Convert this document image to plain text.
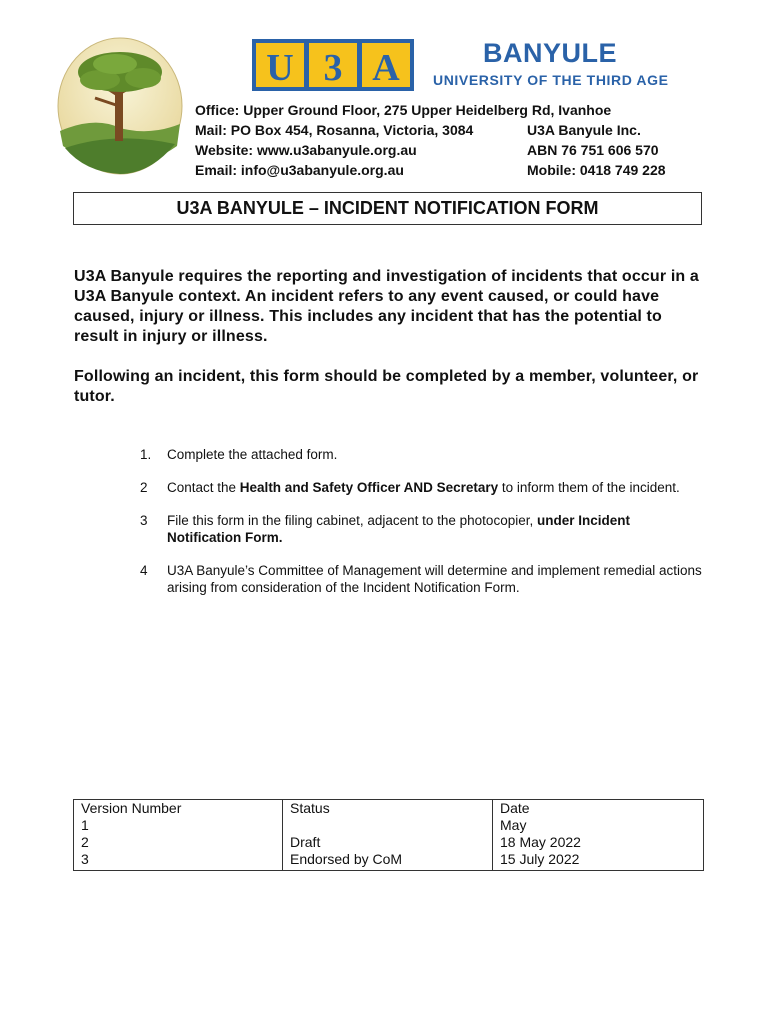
U 3 A	BANYULE
UNIVERSITY OF THE THIRD AGE
Office: Upper Ground Floor, 275 Upper Heidelberg Rd, Ivanhoe
Mail: PO Box 454, Rosanna, Victoria, 3084
Website: www.u3abanyule.org.au
Email: info@u3abanyule.org.au
U3A Banyule Inc.
ABN 76 751 606 570
Mobile: 0418 749 228
U3A BANYULE – INCIDENT NOTIFICATION FORM

U3A Banyule requires the reporting and investigation of incidents that occur in a U3A Banyule context. An incident refers to any event caused, or could have caused, injury or illness. This includes any incident that has the potential to result in injury or illness.

Following an incident, this form should be completed by a member, volunteer, or tutor.

1.	Complete the attached form.
2	Contact the Health and Safety Officer AND Secretary to inform them of the incident.
3	File this form in the filing cabinet, adjacent to the photocopier, under Incident Notification Form.
4	U3A Banyule’s Committee of Management will determine and implement remedial actions arising from consideration of the Incident Notification Form.
Version Number	Status	Date
1		May
2	Draft	18 May 2022
3	Endorsed by CoM	15 July 2022
